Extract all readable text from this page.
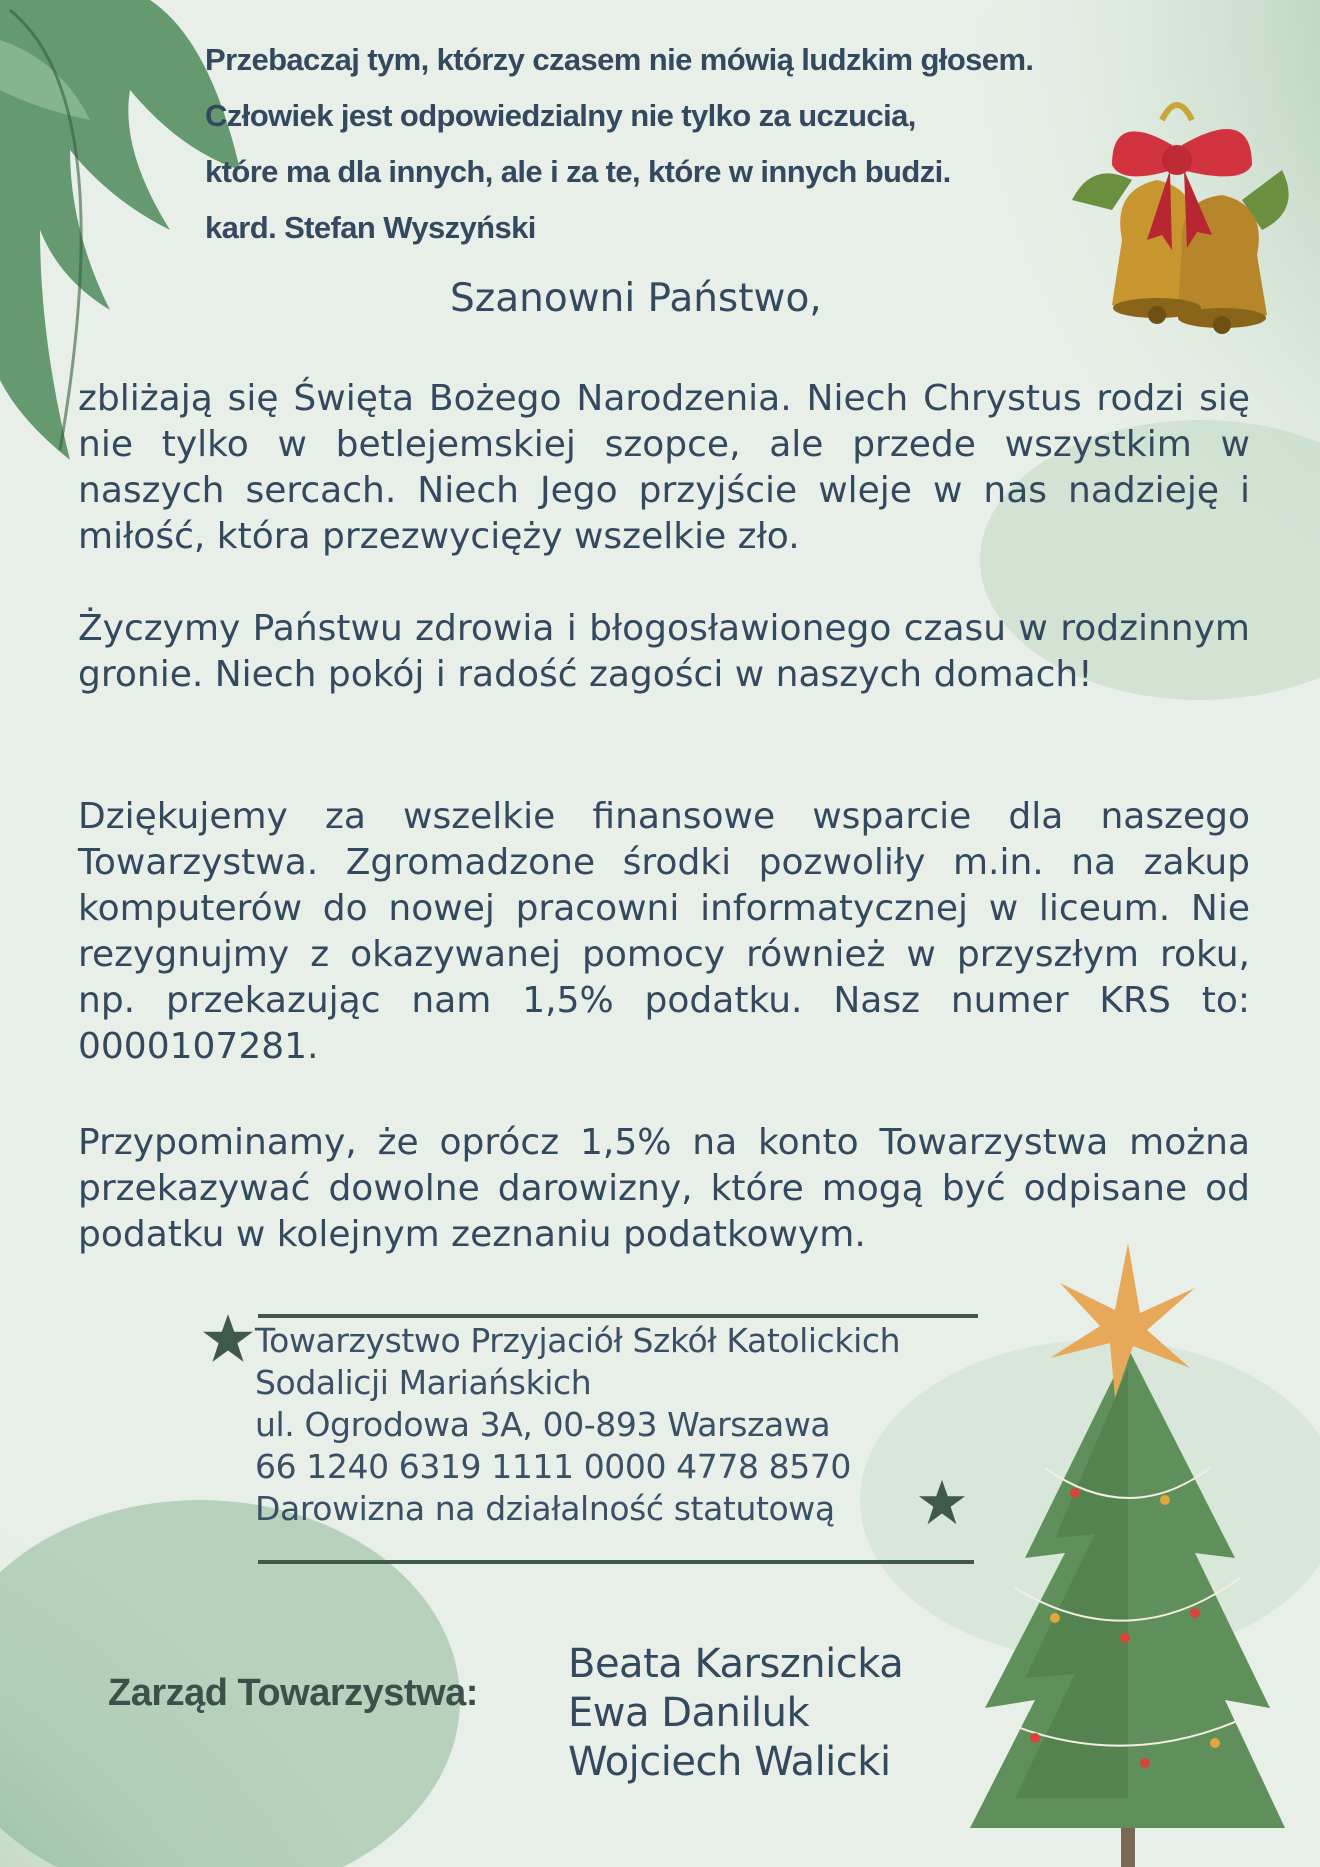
Przebaczaj tym, którzy czasem nie mówią ludzkim głosem.
Człowiek jest odpowiedzialny nie tylko za uczucia,
które ma dla innych, ale i za te, które w innych budzi.
kard. Stefan Wyszyński
Szanowni Państwo,

zbliżają się Święta Bożego Narodzenia. Niech Chrystus rodzi się nie tylko w betlejemskiej szopce, ale przede wszystkim w naszych sercach. Niech Jego przyjście wleje w nas nadzieję i miłość, która przezwycięży wszelkie zło.

Życzymy Państwu zdrowia i błogosławionego czasu w rodzinnym gronie. Niech pokój i radość zagości w naszych domach!

Dziękujemy za wszelkie finansowe wsparcie dla naszego Towarzystwa. Zgromadzone środki pozwoliły m.in. na zakup komputerów do nowej pracowni informatycznej w liceum. Nie rezygnujmy z okazywanej pomocy również w przyszłym roku, np. przekazując nam 1,5% podatku. Nasz numer KRS to: 0000107281.

Przypominamy, że oprócz 1,5% na konto Towarzystwa można przekazywać dowolne darowizny, które mogą być odpisane od podatku w kolejnym zeznaniu podatkowym.

Towarzystwo Przyjaciół Szkół Katolickich
Sodalicji Mariańskich
ul. Ogrodowa 3A, 00-893 Warszawa
66 1240 6319 1111 0000 4778 8570
Darowizna na działalność statutową
Zarząd Towarzystwa:
Beata Karsznicka
Ewa Daniluk
Wojciech Walicki
